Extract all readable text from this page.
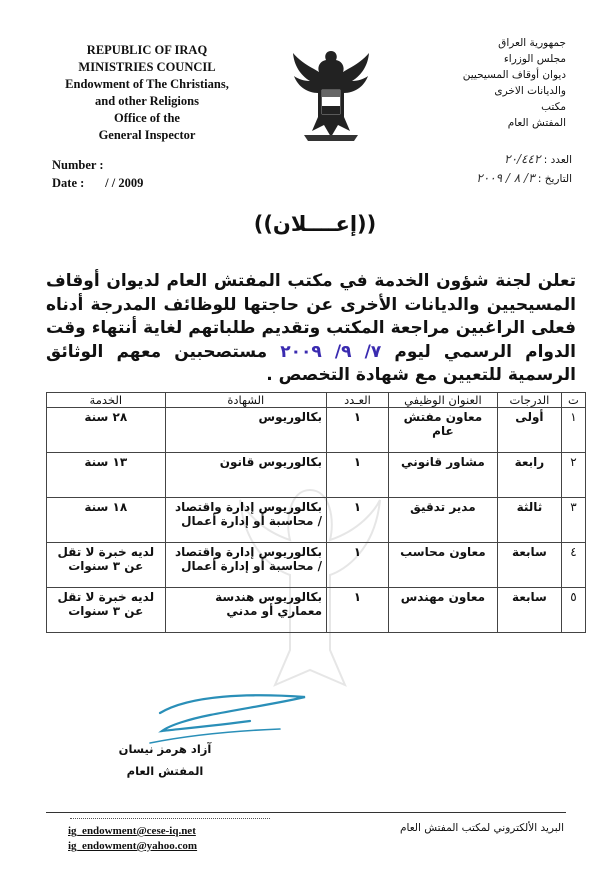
REPUBLIC OF IRAQ
MINISTRIES COUNCIL
Endowment of The Christians,
and other Religions
Office of the
General Inspector
جمهورية العراق
مجلس الوزراء
ديوان أوقاف المسيحيين
والديانات الاخرى
مكتب
المفتش العام
Number :
Date : / / 2009
العدد : ٢٠/٤٤٢
التاريخ : ٣/ ٨ / ٢٠٠٩
((إعــــلان))
تعلن لجنة شؤون الخدمة في مكتب المفتش العام لديوان أوقاف المسيحيين والديانات الأخرى عن حاجتها للوظائف المدرجة أدناه فعلى الراغبين مراجعة المكتب وتقديم طلباتهم لغاية أنتهاء وقت الدوام الرسمي ليوم ٧/ ٩/ ٢٠٠٩ مستصحبين معهم الوثائق الرسمية للتعيين مع شهادة التخصص .
ت	الدرجات	العنوان الوظيفي	العـدد	الشهادة	الخدمة
١	أولى	معاون مفتش عام	١	بكالوريوس	٢٨ سنة
٢	رابعة	مشاور قانوني	١	بكالوريوس قانون	١٣ سنة
٣	ثالثة	مدير تدقيق	١	بكالوريوس إدارة واقتصاد / محاسبة أو إدارة أعمال	١٨ سنة
٤	سابعة	معاون محاسب	١	بكالوريوس إدارة واقتصاد / محاسبة أو إدارة أعمال	لديه خبرة لا تقل عن ٣ سنوات
٥	سابعة	معاون مهندس	١	بكالوريوس هندسة معماري أو مدني	لديه خبرة لا تقل عن ٣ سنوات
آزاد هرمز نيسان
المفتش العام
ig_endowment@cese-iq.net
ig_endowment@yahoo.com
البريد الألكتروني لمكتب المفتش العام
